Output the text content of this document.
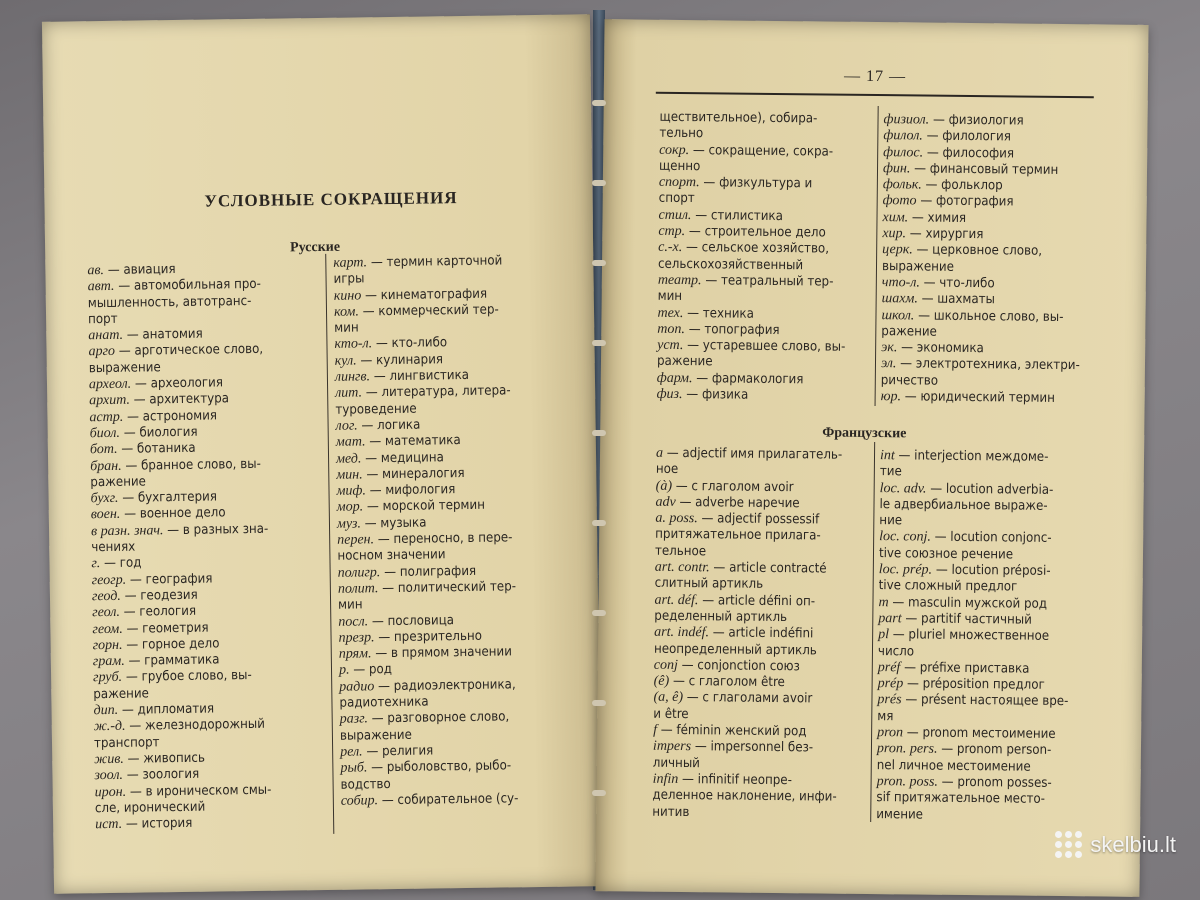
УСЛОВНЫЕ СОКРАЩЕНИЯ
Русские
ав. — авиация
авт. — автомобильная про-
мышленность, автотранс-
порт
анат. — анатомия
арго — арготическое слово,
выражение
археол. — археология
архит. — архитектура
астр. — астрономия
биол. — биология
бот. — ботаника
бран. — бранное слово, вы-
ражение
бухг. — бухгалтерия
воен. — военное дело
в разн. знач. — в разных зна-
чениях
г. — год
геогр. — география
геод. — геодезия
геол. — геология
геом. — геометрия
горн. — горное дело
грам. — грамматика
груб. — грубое слово, вы-
ражение
дип. — дипломатия
ж.-д. — железнодорожный
транспорт
жив. — живопись
зоол. — зоология
ирон. — в ироническом смы-
сле, иронический
ист. — история
карт. — термин карточной
игры
кино — кинематография
ком. — коммерческий тер-
мин
кто-л. — кто-либо
кул. — кулинария
лингв. — лингвистика
лит. — литература, литера-
туроведение
лог. — логика
мат. — математика
мед. — медицина
мин. — минералогия
миф. — мифология
мор. — морской термин
муз. — музыка
перен. — переносно, в пере-
носном значении
полигр. — полиграфия
полит. — политический тер-
мин
посл. — пословица
презр. — презрительно
прям. — в прямом значении
р. — род
радио — радиоэлектроника,
радиотехника
разг. — разговорное слово,
выражение
рел. — религия
рыб. — рыболовство, рыбо-
водство
собир. — собирательное (су-
— 17 —
ществительное), собира-
тельно
сокр. — сокращение, сокра-
щенно
спорт. — физкультура и
спорт
стил. — стилистика
стр. — строительное дело
с.-х. — сельское хозяйство,
сельскохозяйственный
театр. — театральный тер-
мин
тех. — техника
топ. — топография
уст. — устаревшее слово, вы-
ражение
фарм. — фармакология
физ. — физика
физиол. — физиология
филол. — филология
филос. — философия
фин. — финансовый термин
фольк. — фольклор
фото — фотография
хим. — химия
хир. — хирургия
церк. — церковное слово,
выражение
что-л. — что-либо
шахм. — шахматы
школ. — школьное слово, вы-
ражение
эк. — экономика
эл. — электротехника, электри-
ричество
юр. — юридический термин
Французские
a — adjectif имя прилагатель-
ное
(à) — с глаголом avoir
adv — adverbe наречие
a. poss. — adjectif possessif
притяжательное прилага-
тельное
art. contr. — article contracté
слитный артикль
art. déf. — article défini оп-
ределенный артикль
art. indéf. — article indéfini
неопределенный артикль
conj — conjonction союз
(ê) — с глаголом être
(a, ê) — с глаголами avoir
и être
f — féminin женский род
impers — impersonnel без-
личный
infin — infinitif неопре-
деленное наклонение, инфи-
нитив
int — interjection междоме-
тие
loc. adv. — locution adverbia-
le адвербиальное выраже-
ние
loc. conj. — locution conjonc-
tive союзное речение
loc. prép. — locution préposi-
tive сложный предлог
m — masculin мужской род
part — partitif частичный
pl — pluriel множественное
число
préf — préfixe приставка
prép — préposition предлог
prés — présent настоящее вре-
мя
pron — pronom местоимение
pron. pers. — pronom person-
nel личное местоимение
pron. poss. — pronom posses-
sif притяжательное место-
имение
skelbiu.lt
